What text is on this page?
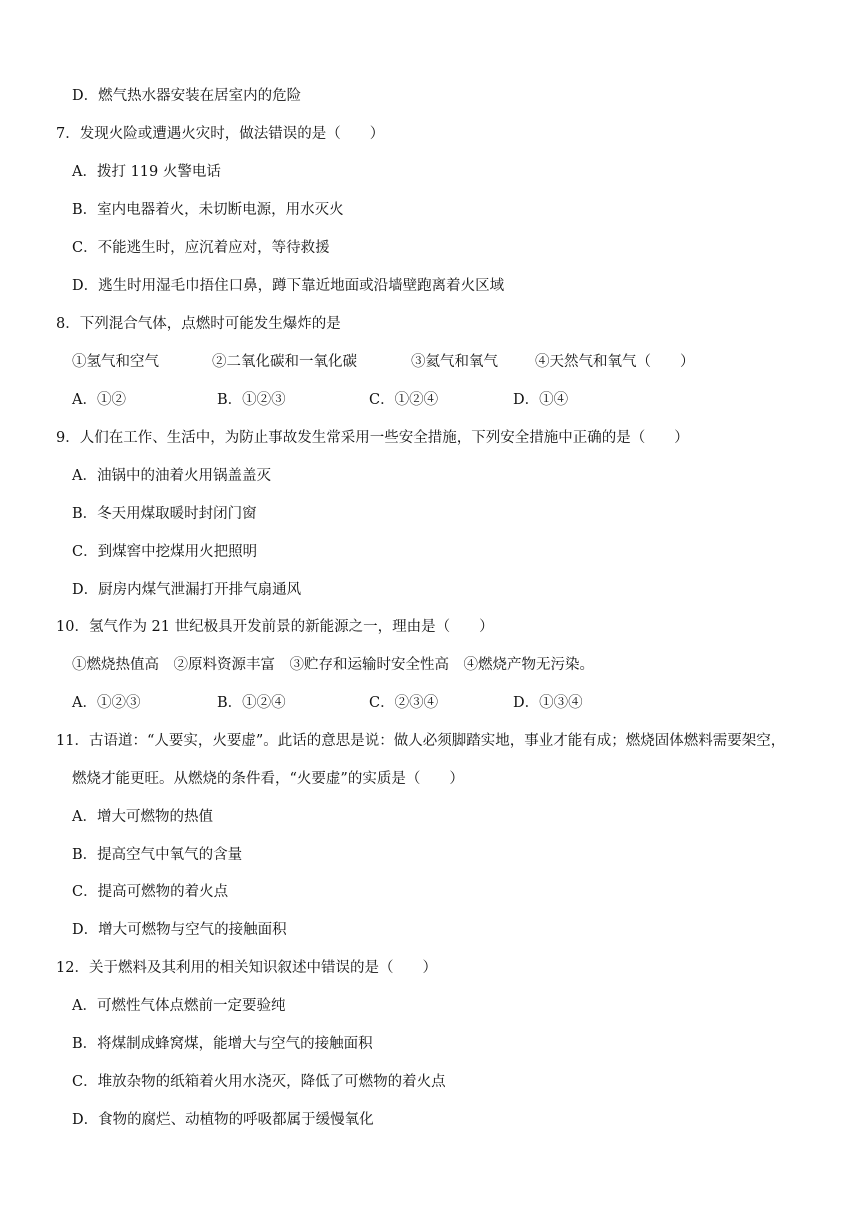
D．燃气热水器安装在居室内的危险
7．发现火险或遭遇火灾时，做法错误的是（　　）
A．拨打 119 火警电话
B．室内电器着火，未切断电源，用水灭火
C．不能逃生时，应沉着应对，等待救援
D．逃生时用湿毛巾捂住口鼻，蹲下靠近地面或沿墙壁跑离着火区域
8．下列混合气体，点燃时可能发生爆炸的是
①氢气和空气	②二氧化碳和一氧化碳	③氦气和氧气	④天然气和氧气（　　）
A．①②	B．①②③	C．①②④	D．①④
9．人们在工作、生活中，为防止事故发生常采用一些安全措施，下列安全措施中正确的是（　　）
A．油锅中的油着火用锅盖盖灭
B．冬天用煤取暖时封闭门窗
C．到煤窖中挖煤用火把照明
D．厨房内煤气泄漏打开排气扇通风
10．氢气作为 21 世纪极具开发前景的新能源之一，理由是（　　）
①燃烧热值高　②原料资源丰富　③贮存和运输时安全性高　④燃烧产物无污染。
A．①②③	B．①②④	C．②③④	D．①③④
11．古语道：“人要实，火要虚”。此话的意思是说：做人必须脚踏实地，事业才能有成；燃烧固体燃料需要架空，
燃烧才能更旺。从燃烧的条件看，“火要虚”的实质是（　　）
A．增大可燃物的热值
B．提高空气中氧气的含量
C．提高可燃物的着火点
D．增大可燃物与空气的接触面积
12．关于燃料及其利用的相关知识叙述中错误的是（　　）
A．可燃性气体点燃前一定要验纯
B．将煤制成蜂窝煤，能增大与空气的接触面积
C．堆放杂物的纸箱着火用水浇灭，降低了可燃物的着火点
D．食物的腐烂、动植物的呼吸都属于缓慢氧化
